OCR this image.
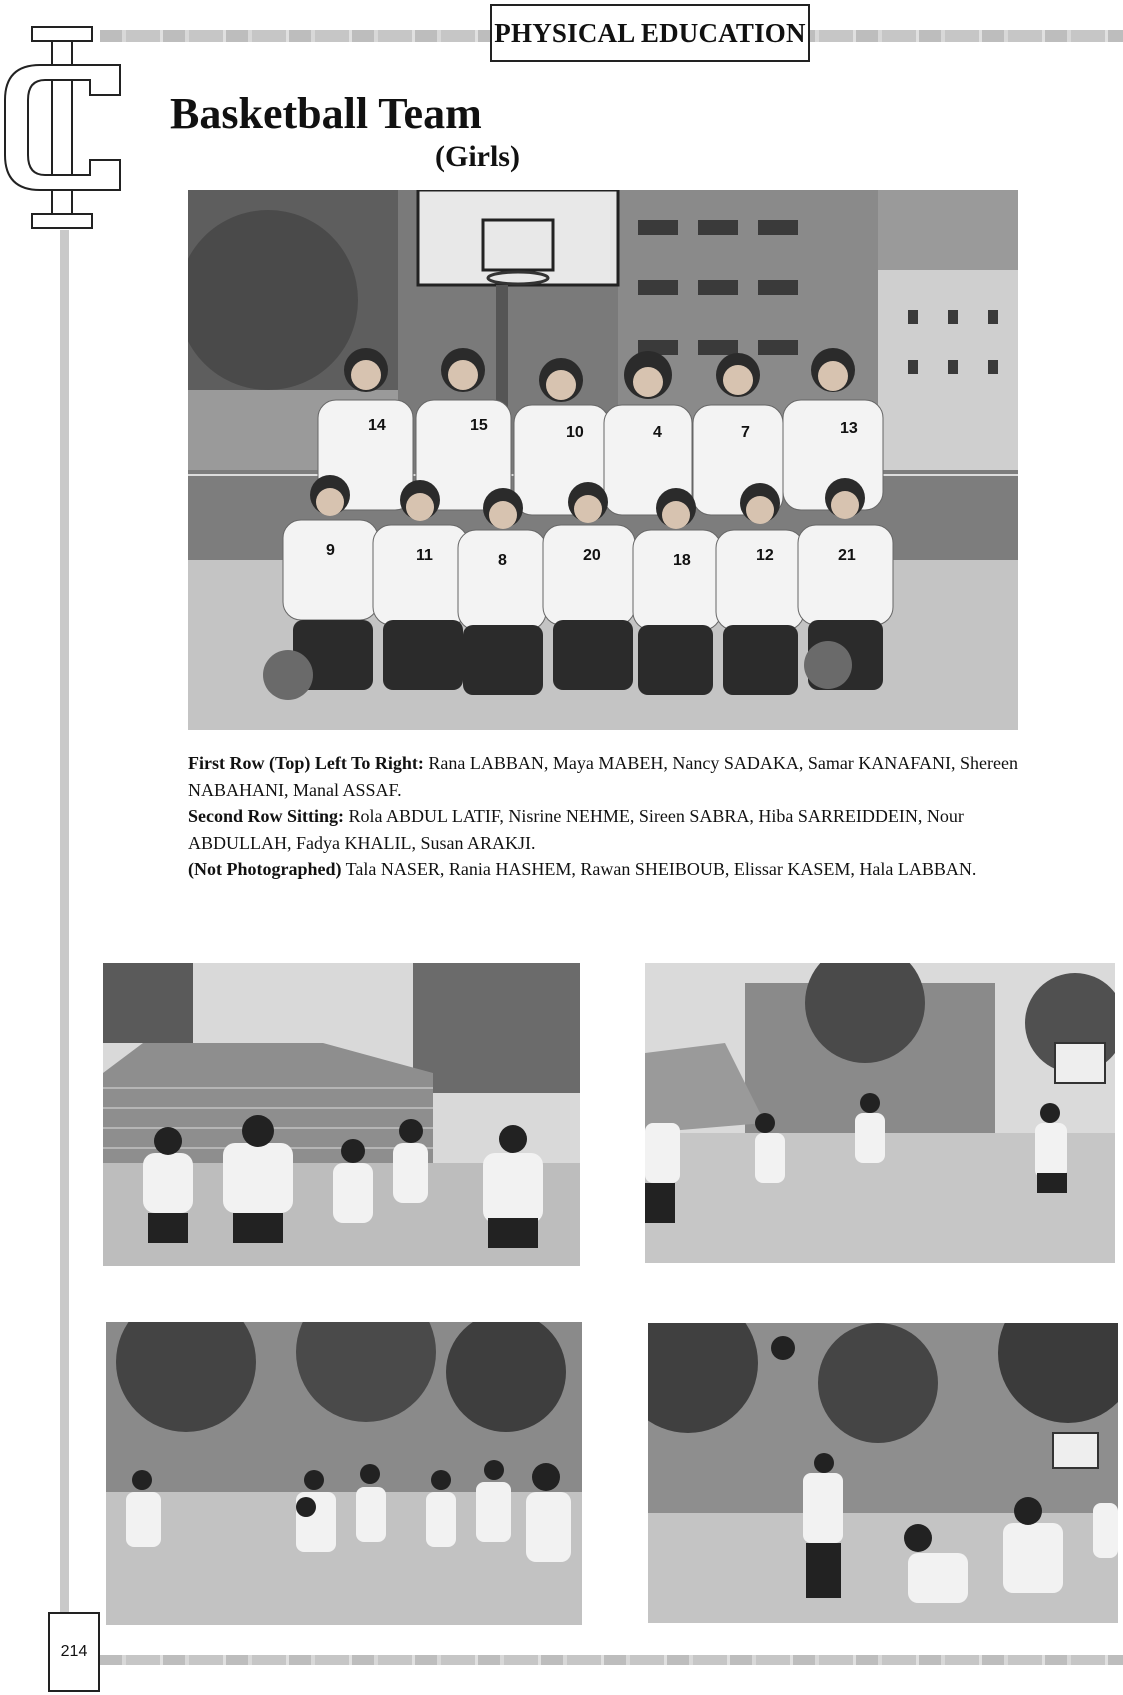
PHYSICAL EDUCATION
214
Basketball Team
(Girls)
14	15	10	4	7	13
9	11	8	20	18	12	21

First Row (Top) Left To Right: Rana LABBAN, Maya MABEH, Nancy SADAKA, Samar KANAFANI, Shereen NABAHANI, Manal ASSAF.

Second Row Sitting: Rola ABDUL LATIF, Nisrine NEHME, Sireen SABRA, Hiba SARREIDDEIN, Nour ABDULLAH, Fadya KHALIL, Susan ARAKJI.

(Not Photographed) Tala NASER, Rania HASHEM, Rawan SHEIBOUB, Elissar KASEM, Hala LABBAN.
